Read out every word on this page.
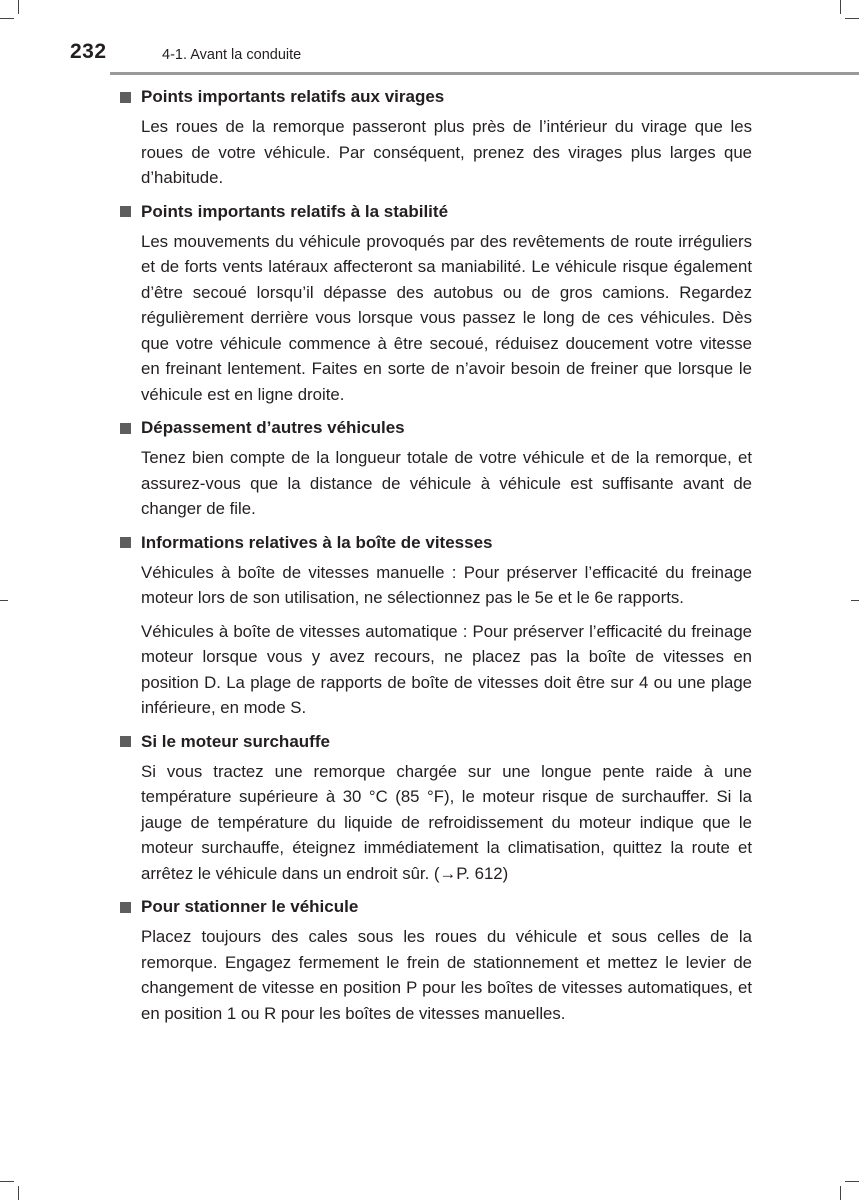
232	4-1. Avant la conduite
Points importants relatifs aux virages

Les roues de la remorque passeront plus près de l’intérieur du virage que les roues de votre véhicule. Par conséquent, prenez des virages plus larges que d’habitude.

Points importants relatifs à la stabilité

Les mouvements du véhicule provoqués par des revêtements de route irréguliers et de forts vents latéraux affecteront sa maniabilité. Le véhicule risque également d’être secoué lorsqu’il dépasse des autobus ou de gros camions. Regardez régulièrement derrière vous lorsque vous passez le long de ces véhicules. Dès que votre véhicule commence à être secoué, réduisez doucement votre vitesse en freinant lentement. Faites en sorte de n’avoir besoin de freiner que lorsque le véhicule est en ligne droite.

Dépassement d’autres véhicules

Tenez bien compte de la longueur totale de votre véhicule et de la remorque, et assurez-vous que la distance de véhicule à véhicule est suffisante avant de changer de file.

Informations relatives à la boîte de vitesses

Véhicules à boîte de vitesses manuelle : Pour préserver l’efficacité du freinage moteur lors de son utilisation, ne sélectionnez pas le 5e et le 6e rapports.

Véhicules à boîte de vitesses automatique : Pour préserver l’efficacité du freinage moteur lorsque vous y avez recours, ne placez pas la boîte de vitesses en position D. La plage de rapports de boîte de vitesses doit être sur 4 ou une plage inférieure, en mode S.

Si le moteur surchauffe

Si vous tractez une remorque chargée sur une longue pente raide à une température supérieure à 30 °C (85 °F), le moteur risque de surchauffer. Si la jauge de température du liquide de refroidissement du moteur indique que le moteur surchauffe, éteignez immédiatement la climatisation, quittez la route et arrêtez le véhicule dans un endroit sûr. (→P. 612)

Pour stationner le véhicule

Placez toujours des cales sous les roues du véhicule et sous celles de la remorque. Engagez fermement le frein de stationnement et mettez le levier de changement de vitesse en position P pour les boîtes de vitesses automatiques, et en position 1 ou R pour les boîtes de vitesses manuelles.
